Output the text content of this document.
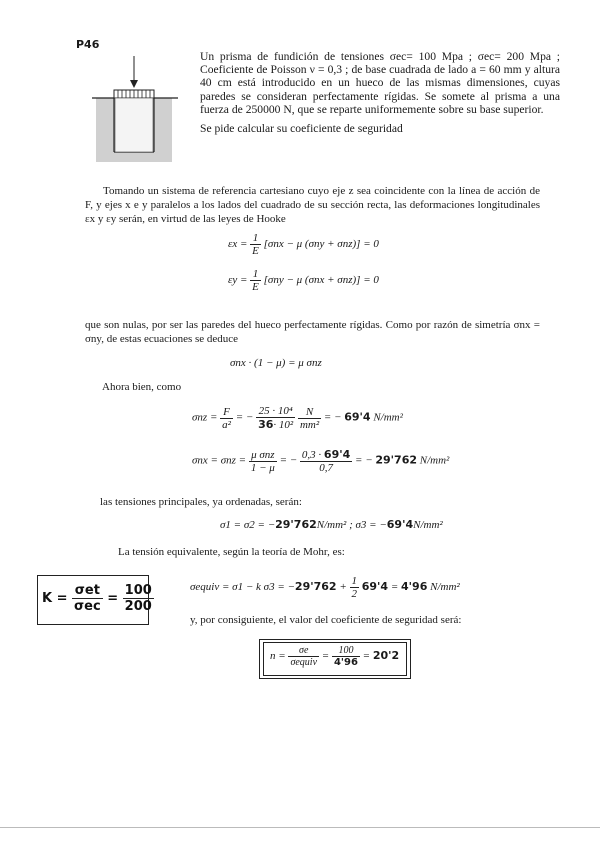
P46

Un prisma de fundición de tensiones σec= 100 Mpa ; σec= 200 Mpa ; Coeficiente de Poisson ν = 0,3 ; de base cuadrada de lado a = 60 mm y altura 40 cm está introducido en un hueco de las mismas dimensiones, cuyas paredes se consideran perfectamente rígidas. Se somete al prisma a una fuerza de 250000 N, que se reparte uniformemente sobre su base superior.

Se pide calcular su coeficiente de seguridad

Tomando un sistema de referencia cartesiano cuyo eje z sea coincidente con la línea de acción de F, y ejes x e y paralelos a los lados del cuadrado de su sección recta, las deformaciones longitudinales εx y εy serán, en virtud de las leyes de Hooke
$\varepsilon x = \frac{1}{E} [\sigma nx - \mu$ (σny + σnz)] = 0
$\varepsilon y = \frac{1}{E} [\sigma ny - \mu$ (σnx + σnz)] = 0
que son nulas, por ser las paredes del hueco perfectamente rígidas. Como por razón de simetría σnx = σny, de estas ecuaciones se deduce
σnx · (1 − μ) = μ σnz
Ahora bien, como
$\sigma nz = \frac{F}{\text{a²}}$ = − $\frac{\text{25 · 10⁴}}{\text{36· 10²}}$
$\frac{N}{\text{mm²}}$ = − 69'4 N/mm²
$\sigma nx = \sigma nz = \frac{\text{μ σnz}}{1 - \mu}$ = − $\frac{0,3 \cdot 69'4}{0,7}$ = − 29'762 N/mm²
las tensiones principales, ya ordenadas, serán:
σ1 = σ2 = −29'762N/mm² ; σ3 = −69'4N/mm²
La tensión equivalente, según la teoría de Mohr, es:
$K = \frac{\text{σet}}{\text{σec}} = \frac{100}{200}$	σequiv = σ1 − k $\sigma 3 = -29'762 + \frac{1}{2} 69'4 = 4'96$ N/mm²
y, por consiguiente, el valor del coeficiente de seguridad será:
$n = \frac{\sigma e}{\text{σequiv}} = \frac{100}{4'96} = 20'2$
